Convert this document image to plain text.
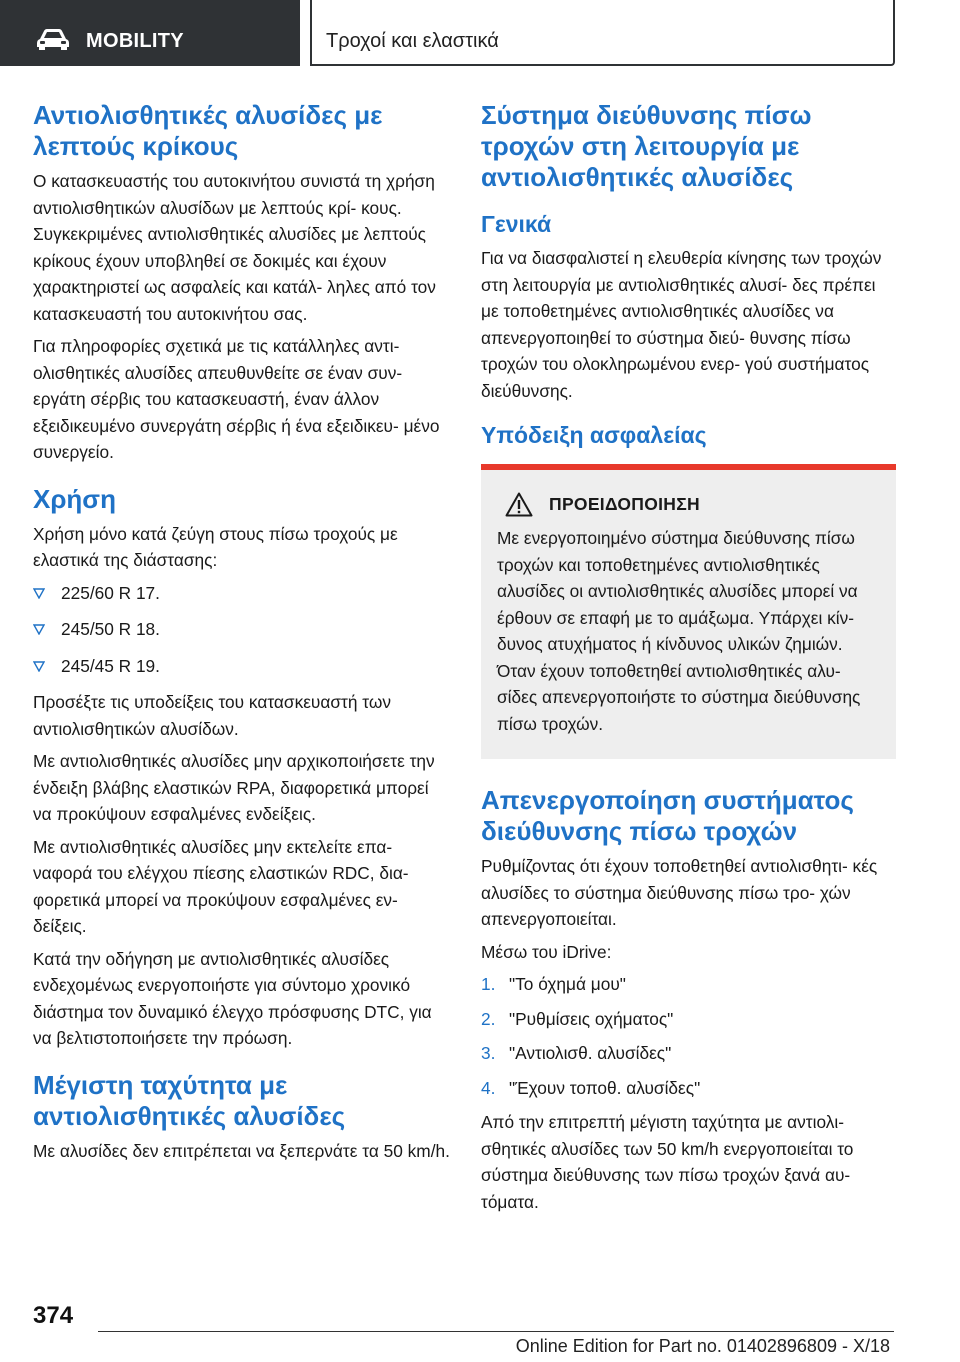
MOBILITY	Τροχοί και ελαστικά
Αντιολισθητικές αλυσίδες με λεπτούς κρίκους

Ο κατασκευαστής του αυτοκινήτου συνιστά τη χρήση αντιολισθητικών αλυσίδων με λεπτούς κρί‐ κους. Συγκεκριμένες αντιολισθητικές αλυσίδες με λεπτούς κρίκους έχουν υποβληθεί σε δοκιμές και έχουν χαρακτηριστεί ως ασφαλείς και κατάλ‐ ληλες από τον κατασκευαστή του αυτοκινήτου σας.

Για πληροφορίες σχετικά με τις κατάλληλες αντι‐ ολισθητικές αλυσίδες απευθυνθείτε σε έναν συν‐ εργάτη σέρβις του κατασκευαστή, έναν άλλον εξειδικευμένο συνεργάτη σέρβις ή ένα εξειδικευ‐ μένο συνεργείο.

Χρήση

Χρήση μόνο κατά ζεύγη στους πίσω τροχούς με ελαστικά της διάστασης:

225/60 R 17.
245/50 R 18.
245/45 R 19.

Προσέξτε τις υποδείξεις του κατασκευαστή των αντιολισθητικών αλυσίδων.

Με αντιολισθητικές αλυσίδες μην αρχικοποιήσετε την ένδειξη βλάβης ελαστικών RPA, διαφορετικά μπορεί να προκύψουν εσφαλμένες ενδείξεις.

Με αντιολισθητικές αλυσίδες μην εκτελείτε επα‐ ναφορά του ελέγχου πίεσης ελαστικών RDC, δια‐ φορετικά μπορεί να προκύψουν εσφαλμένες εν‐ δείξεις.

Κατά την οδήγηση με αντιολισθητικές αλυσίδες ενδεχομένως ενεργοποιήστε για σύντομο χρονικό διάστημα τον δυναμικό έλεγχο πρόσφυσης DTC, για να βελτιστοποιήσετε την πρόωση.

Μέγιστη ταχύτητα με αντιολισθητικές αλυσίδες

Με αλυσίδες δεν επιτρέπεται να ξεπερνάτε τα 50 km/h.

Σύστημα διεύθυνσης πίσω τροχών στη λειτουργία με αντιολισθητικές αλυσίδες
Γενικά

Για να διασφαλιστεί η ελευθερία κίνησης των τροχών στη λειτουργία με αντιολισθητικές αλυσί‐ δες πρέπει με τοποθετημένες αντιολισθητικές αλυσίδες να απενεργοποιηθεί το σύστημα διεύ‐ θυνσης πίσω τροχών του ολοκληρωμένου ενερ‐ γού συστήματος διεύθυνσης.

Υπόδειξη ασφαλείας
ΠΡΟΕΙΔΟΠΟΙΗΣΗ

Με ενεργοποιημένο σύστημα διεύθυνσης πίσω τροχών και τοποθετημένες αντιολισθητικές αλυσίδες οι αντιολισθητικές αλυσίδες μπορεί να έρθουν σε επαφή με το αμάξωμα. Υπάρχει κίν‐ δυνος ατυχήματος ή κίνδυνος υλικών ζημιών. Όταν έχουν τοποθετηθεί αντιολισθητικές αλυ‐ σίδες απενεργοποιήστε το σύστημα διεύθυνσης πίσω τροχών.

Απενεργοποίηση συστήματος διεύθυνσης πίσω τροχών

Ρυθμίζοντας ότι έχουν τοποθετηθεί αντιολισθητι‐ κές αλυσίδες το σύστημα διεύθυνσης πίσω τρο‐ χών απενεργοποιείται.

Μέσω του iDrive:

1. "Το όχημά μου"
2. "Ρυθμίσεις οχήματος"
3. "Αντιολισθ. αλυσίδες"
4. "Έχουν τοποθ. αλυσίδες"

Από την επιτρεπτή μέγιστη ταχύτητα με αντιολι‐ σθητικές αλυσίδες των 50 km/h ενεργοποιείται το σύστημα διεύθυνσης των πίσω τροχών ξανά αυ‐ τόματα.

374
Online Edition for Part no. 01402896809 - X/18
